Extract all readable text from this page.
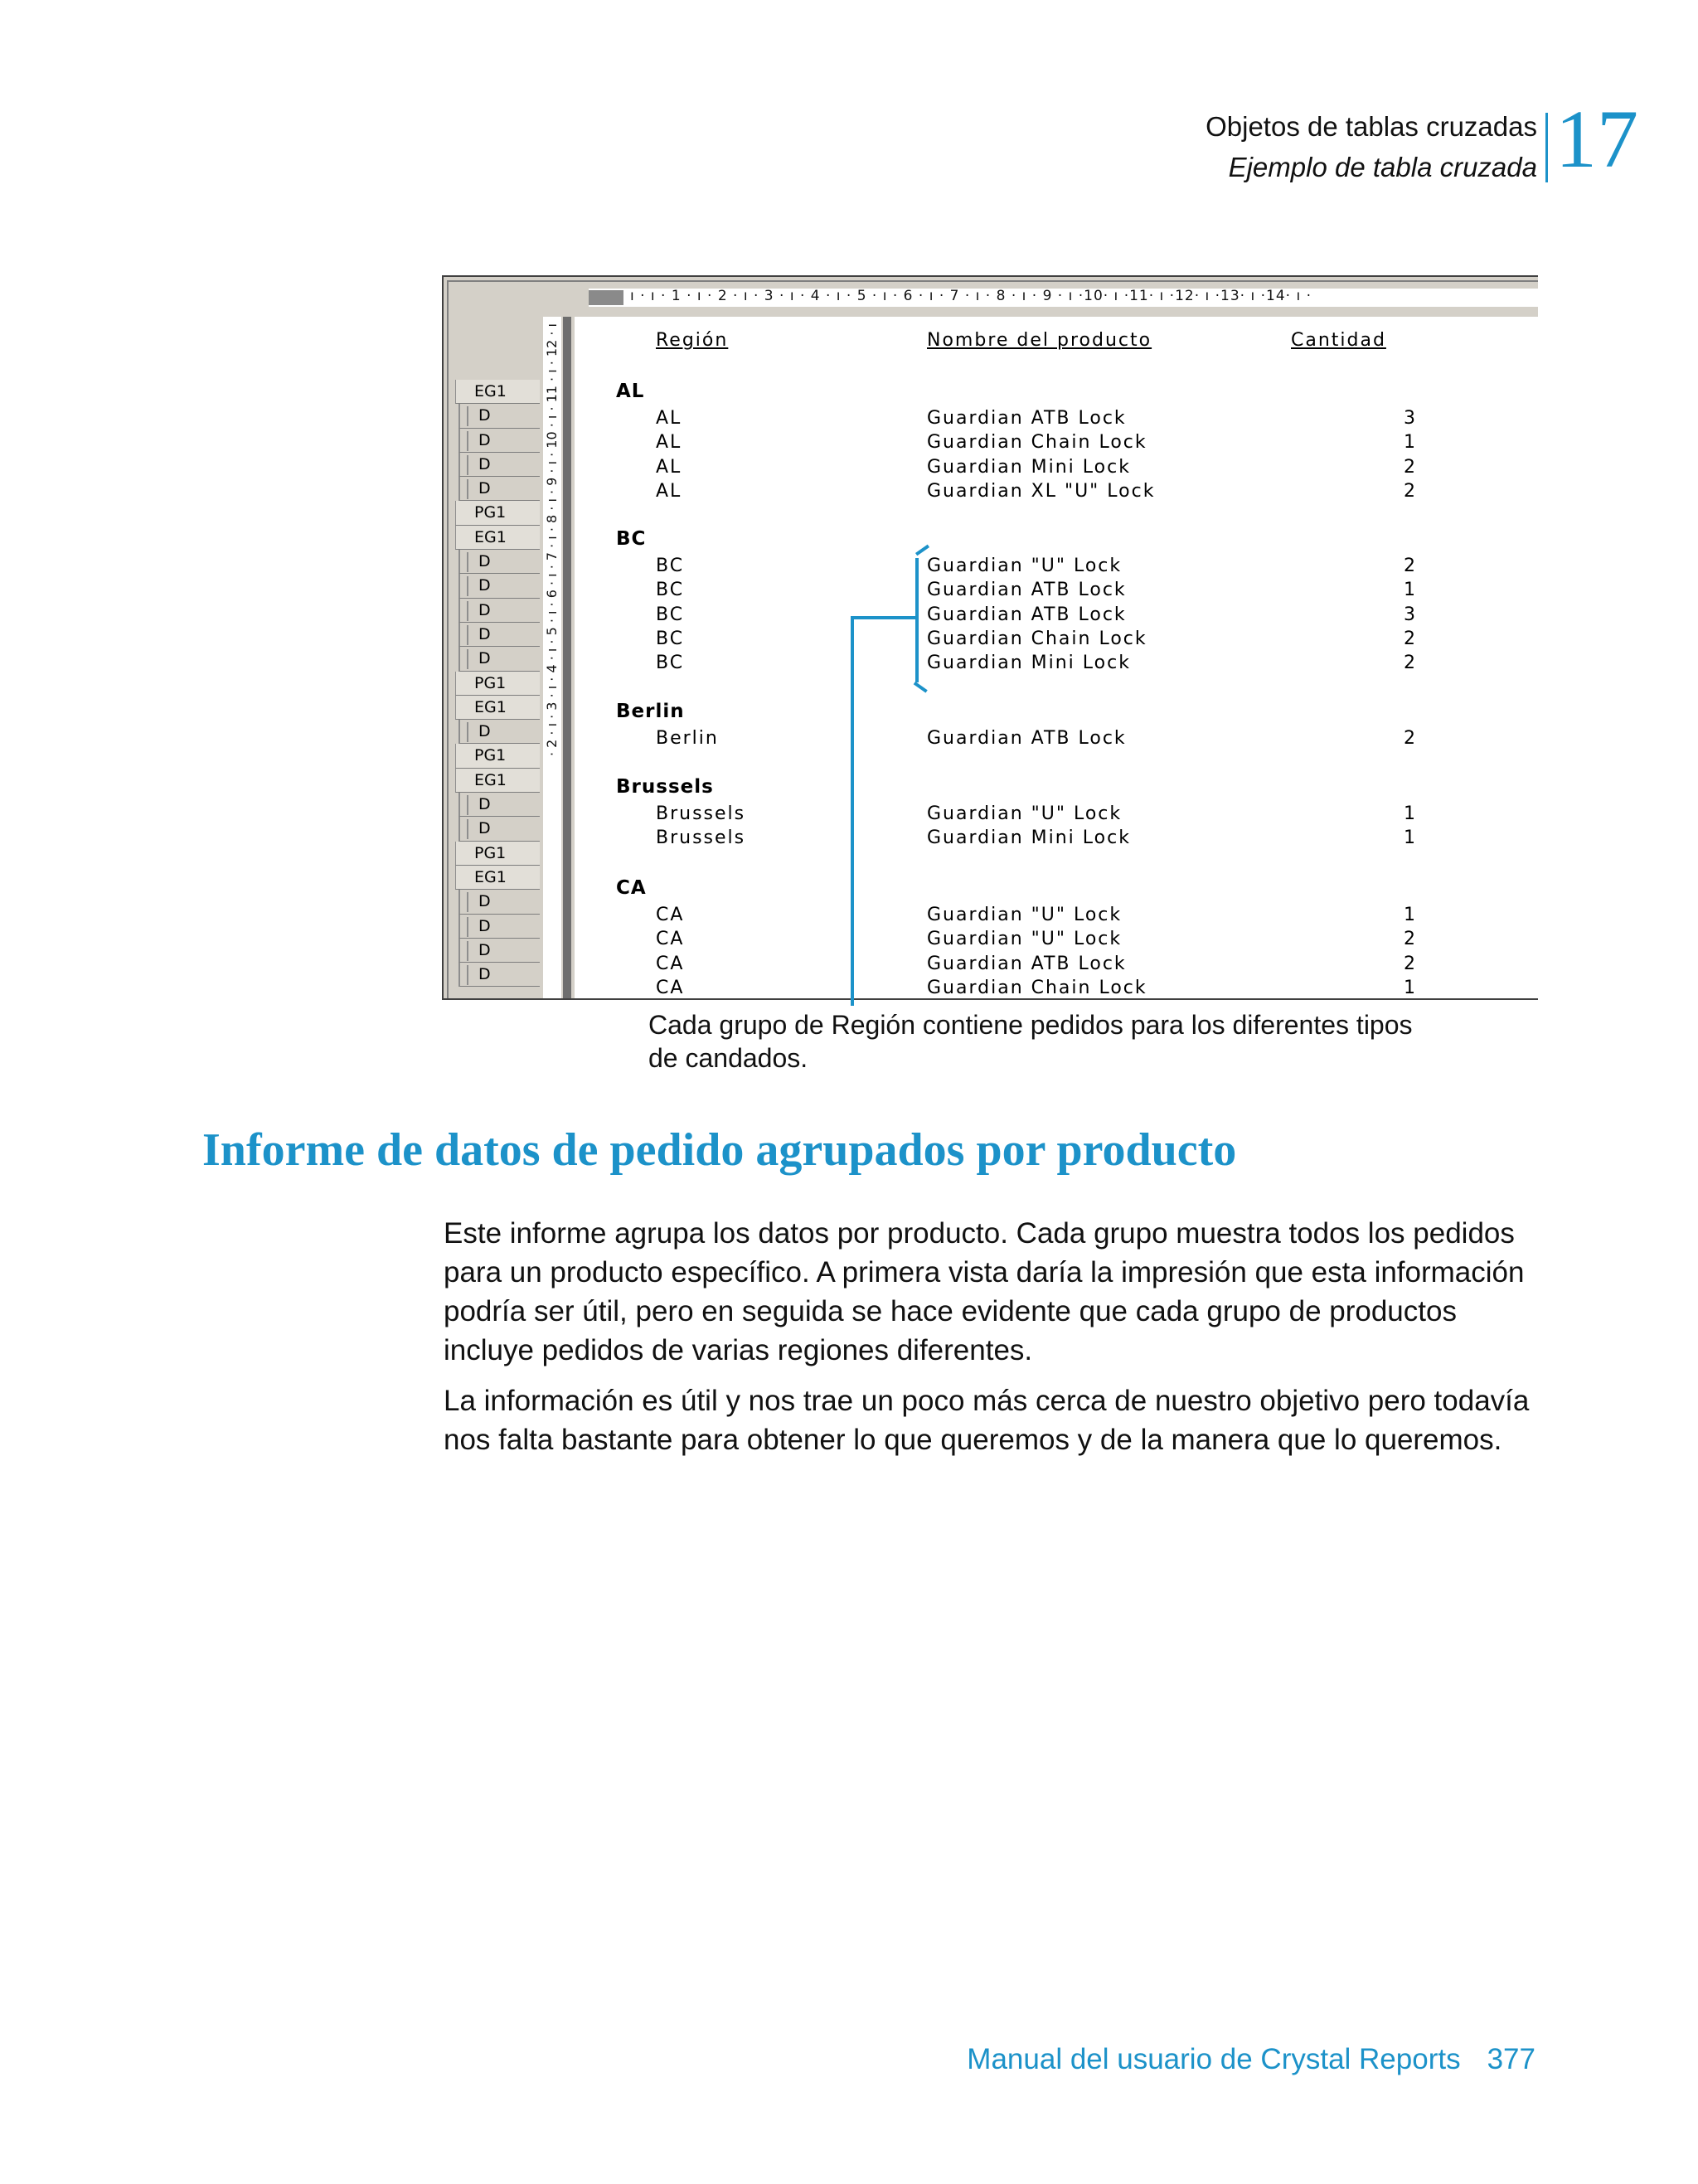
Objetos de tablas cruzadas
Ejemplo de tabla cruzada 17
ı · ı · 1 · ı · 2 · ı · 3 · ı · 4 · ı · 5 · ı · 6 · ı · 7 · ı · 8 · ı · 9 · ı ·10· ı ·11· ı ·12· ı ·13· ı ·14· ı ·
· 2 · ı · 3 · ı · 4 · ı · 5 · ı · 6 · ı · 7 · ı · 8 · ı · 9 · ı · 10 · ı · 11 · ı · 12 · ı	Región	Nombre del producto	Cantidad
AL
AL	Guardian ATB Lock	3
AL	Guardian Chain Lock	1
AL	Guardian Mini Lock	2
AL	Guardian XL "U" Lock	2
BC
BC	Guardian "U" Lock	2
BC	Guardian ATB Lock	1
BC	Guardian ATB Lock	3
BC	Guardian Chain Lock	2
BC	Guardian Mini Lock	2
Berlin
Berlin	Guardian ATB Lock	2
Brussels
Brussels	Guardian "U" Lock	1
Brussels	Guardian Mini Lock	1
CA
CA	Guardian "U" Lock	1
CA	Guardian "U" Lock	2
CA	Guardian ATB Lock	2
CA	Guardian Chain Lock	1
EG1
D
D
D
D
PG1
EG1
D
D
D
D
D
PG1
EG1
D
PG1
EG1
D
D
PG1
EG1
D
D
D
D
Cada grupo de Región contiene pedidos para los diferentes tipos de candados.
Informe de datos de pedido agrupados por producto

Este informe agrupa los datos por producto. Cada grupo muestra todos los pedidos para un producto específico. A primera vista daría la impresión que esta información podría ser útil, pero en seguida se hace evidente que cada grupo de productos incluye pedidos de varias regiones diferentes.

La información es útil y nos trae un poco más cerca de nuestro objetivo pero todavía nos falta bastante para obtener lo que queremos y de la manera que lo queremos.

Manual del usuario de Crystal Reports 377
